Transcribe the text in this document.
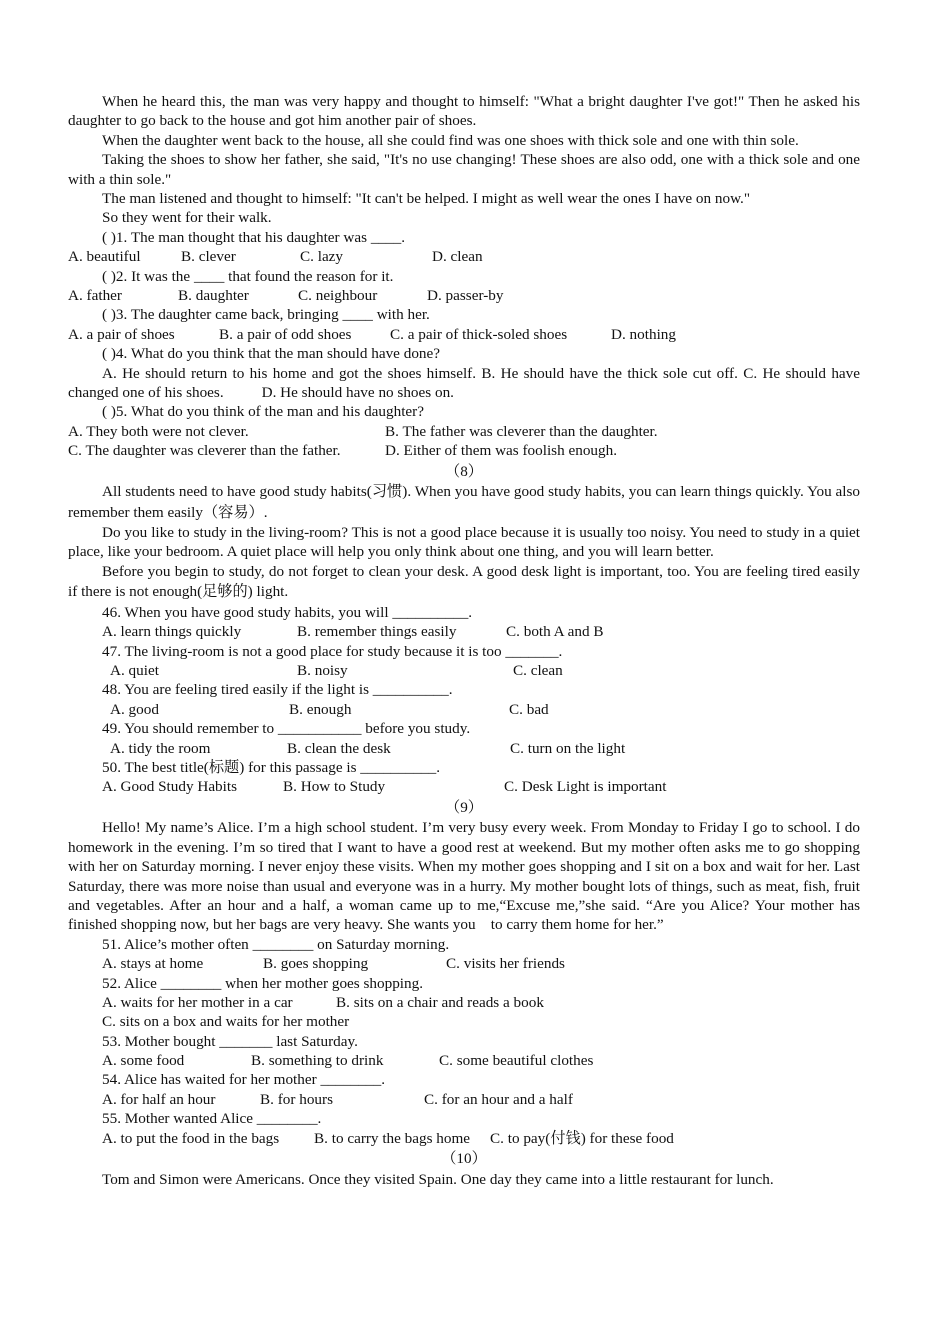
When he heard this, the man was very happy and thought to himself: "What a bright daughter I've got!" Then he asked his daughter to go back to the house and got him another pair of shoes.
When the daughter went back to the house, all she could find was one shoes with thick sole and one with thin sole.
Taking the shoes to show her father, she said, "It's no use changing! These shoes are also odd, one with a thick sole and one with a thin sole."
The man listened and thought to himself: "It can't be helped. I might as well wear the ones I have on now."
So they went for their walk.
( )1. The man thought that his daughter was ____.
A. beautiful	B. clever	C. lazy	D. clean
( )2. It was the ____ that found the reason for it.
A. father	B. daughter	C. neighbour	D. passer-by
( )3. The daughter came back, bringing ____ with her.
A. a pair of shoes	B. a pair of odd shoes	C. a pair of thick-soled shoes	D. nothing
( )4. What do you think that the man should have done?
A. He should return to his home and got the shoes himself. B. He should have the thick sole cut off. C. He should have changed one of his shoes.          D. He should have no shoes on.
( )5. What do you think of the man and his daughter?
A. They both were not clever.	B. The father was cleverer than the daughter.
C. The daughter was cleverer than the father.	D. Either of them was foolish enough.
（8）
All students need to have good study habits(习惯). When you have good study habits, you can learn things quickly. You also remember them easily（容易）.
Do you like to study in the living-room? This is not a good place because it is usually too noisy. You need to study in a quiet place, like your bedroom. A quiet place will help you only think about one thing, and you will learn better.
Before you begin to study, do not forget to clean your desk. A good desk light is important, too. You are feeling tired easily if there is not enough(足够的) light.
46. When you have good study habits, you will __________.
A. learn things quickly	B. remember things easily	C. both A and B
47. The living-room is not a good place for study because it is too _______.
A. quiet	B. noisy	C. clean
48. You are feeling tired easily if the light is __________.
A. good	B. enough	C. bad
49. You should remember to ___________ before you study.
A. tidy the room	B. clean the desk	C. turn on the light
50. The best title(标题) for this passage is __________.
A. Good Study Habits	B. How to Study	C. Desk Light is important
（9）
Hello! My name’s Alice. I’m a high school student. I’m very busy every week. From Monday to Friday I go to school. I do homework in the evening. I’m so tired that I want to have a good rest at weekend. But my mother often asks me to go shopping with her on Saturday morning. I never enjoy these visits. When my mother goes shopping and I sit on a box and wait for her. Last Saturday, there was more noise than usual and everyone was in a hurry. My mother bought lots of things, such as meat, fish, fruit and vegetables. After an hour and a half, a woman came up to me,“Excuse me,”she said. “Are you Alice? Your mother has finished shopping now, but her bags are very heavy. She wants you    to carry them home for her.”
51. Alice’s mother often ________ on Saturday morning.
A. stays at home	B. goes shopping	C. visits her friends
52. Alice ________ when her mother goes shopping.
A. waits for her mother in a car	B. sits on a chair and reads a book
C. sits on a box and waits for her mother
53. Mother bought _______ last Saturday.
A. some food	B. something to drink	C. some beautiful clothes
54. Alice has waited for her mother ________.
A. for half an hour	B. for hours	C. for an hour and a half
55. Mother wanted Alice ________.
A. to put the food in the bags B. to carry the bags home C. to pay(付钱) for these food
（10）
Tom and Simon were Americans. Once they visited Spain. One day they came into a little restaurant for lunch.
